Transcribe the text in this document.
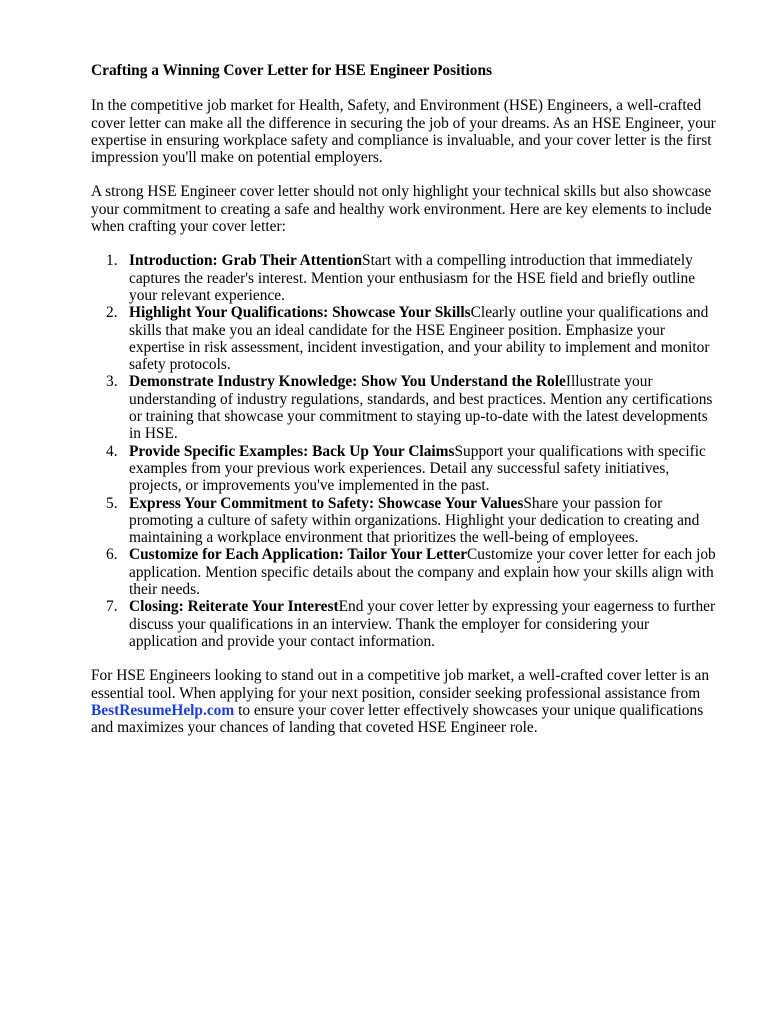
Crafting a Winning Cover Letter for HSE Engineer Positions

In the competitive job market for Health, Safety, and Environment (HSE) Engineers, a well-crafted cover letter can make all the difference in securing the job of your dreams. As an HSE Engineer, your expertise in ensuring workplace safety and compliance is invaluable, and your cover letter is the first impression you'll make on potential employers.

A strong HSE Engineer cover letter should not only highlight your technical skills but also showcase your commitment to creating a safe and healthy work environment. Here are key elements to include when crafting your cover letter:

1. Introduction: Grab Their AttentionStart with a compelling introduction that immediately captures the reader's interest. Mention your enthusiasm for the HSE field and briefly outline your relevant experience.
2. Highlight Your Qualifications: Showcase Your SkillsClearly outline your qualifications and skills that make you an ideal candidate for the HSE Engineer position. Emphasize your expertise in risk assessment, incident investigation, and your ability to implement and monitor safety protocols.
3. Demonstrate Industry Knowledge: Show You Understand the RoleIllustrate your understanding of industry regulations, standards, and best practices. Mention any certifications or training that showcase your commitment to staying up-to-date with the latest developments in HSE.
4. Provide Specific Examples: Back Up Your ClaimsSupport your qualifications with specific examples from your previous work experiences. Detail any successful safety initiatives, projects, or improvements you've implemented in the past.
5. Express Your Commitment to Safety: Showcase Your ValuesShare your passion for promoting a culture of safety within organizations. Highlight your dedication to creating and maintaining a workplace environment that prioritizes the well-being of employees.
6. Customize for Each Application: Tailor Your LetterCustomize your cover letter for each job application. Mention specific details about the company and explain how your skills align with their needs.
7. Closing: Reiterate Your InterestEnd your cover letter by expressing your eagerness to further discuss your qualifications in an interview. Thank the employer for considering your application and provide your contact information.

For HSE Engineers looking to stand out in a competitive job market, a well-crafted cover letter is an essential tool. When applying for your next position, consider seeking professional assistance from BestResumeHelp.com to ensure your cover letter effectively showcases your unique qualifications and maximizes your chances of landing that coveted HSE Engineer role.
